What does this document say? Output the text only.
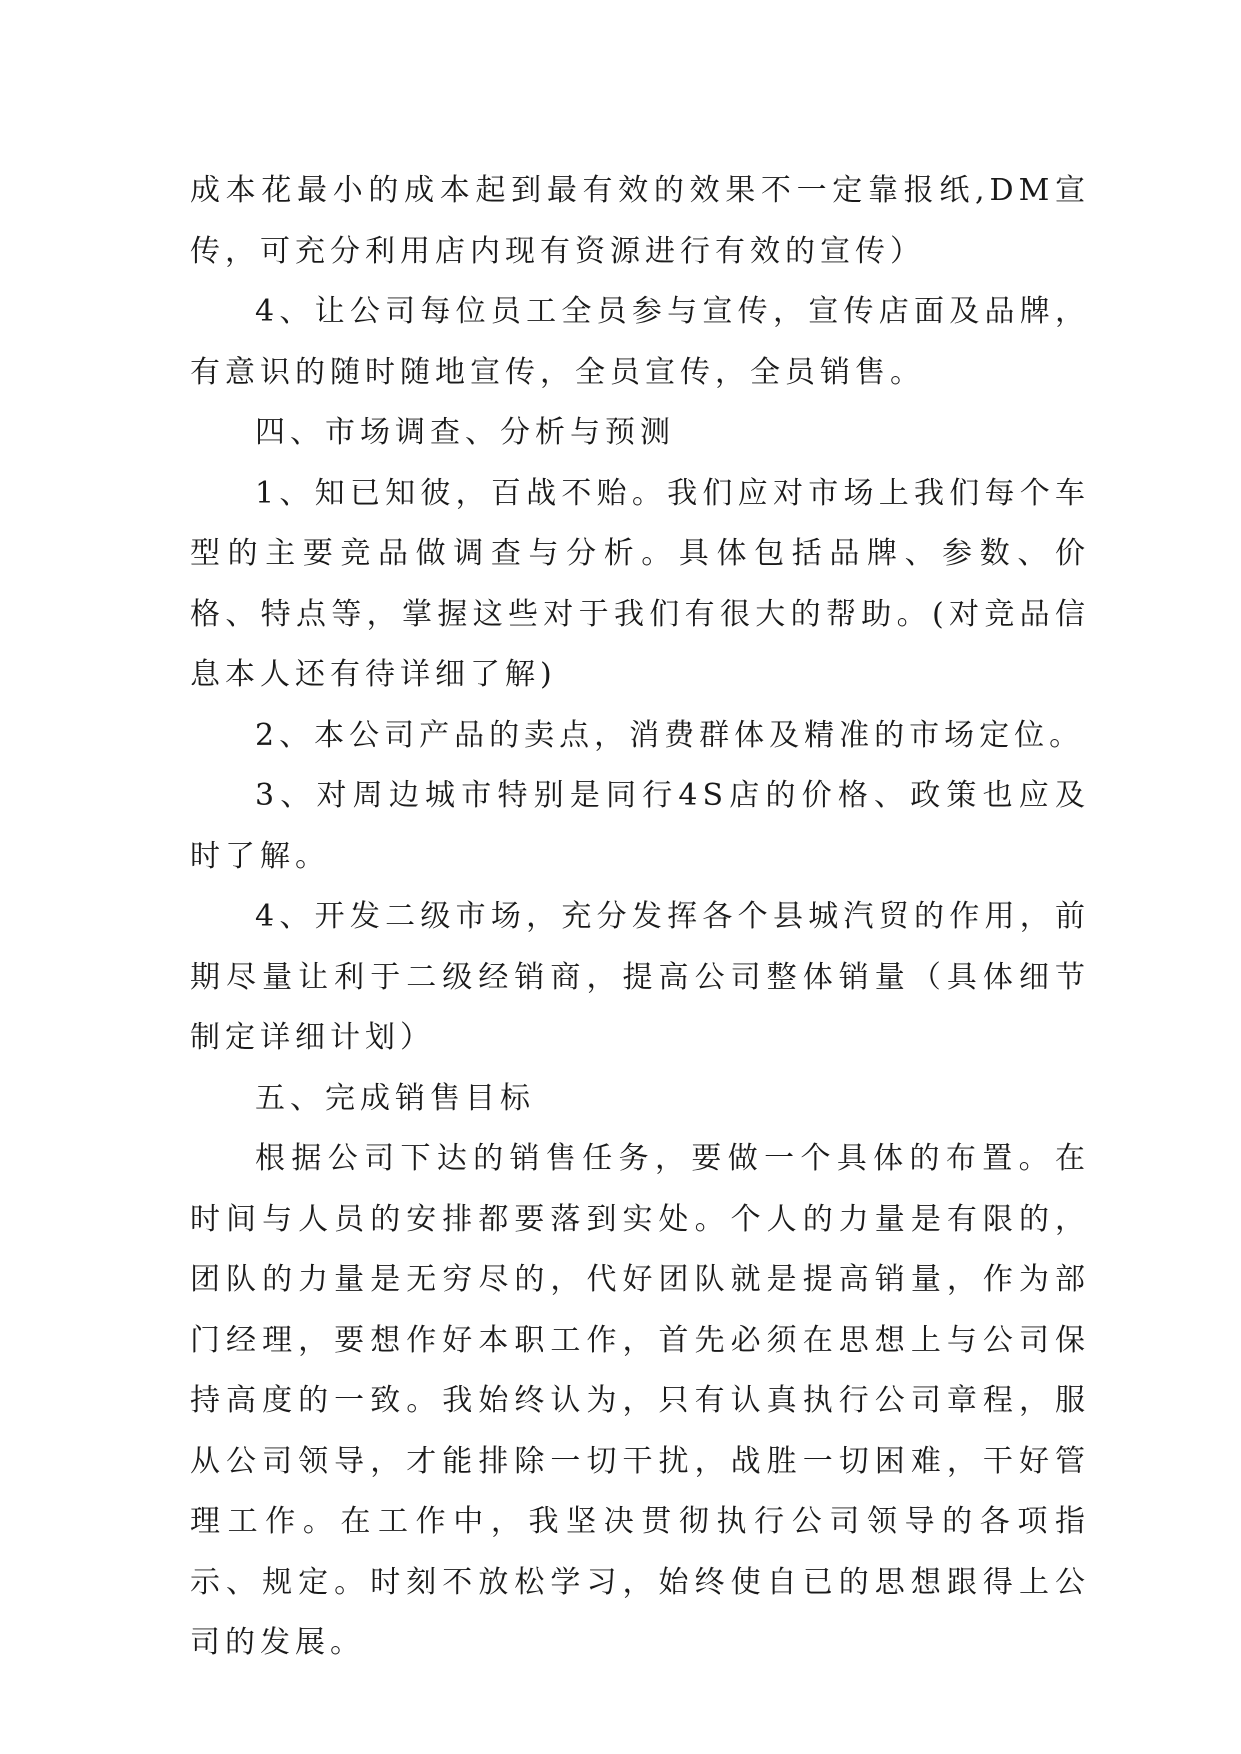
成本花最小的成本起到最有效的效果不一定靠报纸,DM宣传，可充分利用店内现有资源进行有效的宣传）

4、让公司每位员工全员参与宣传，宣传店面及品牌，有意识的随时随地宣传，全员宣传，全员销售。

四、市场调查、分析与预测

1、知已知彼，百战不贻。我们应对市场上我们每个车型的主要竞品做调查与分析。具体包括品牌、参数、价格、特点等，掌握这些对于我们有很大的帮助。(对竞品信息本人还有待详细了解)

2、本公司产品的卖点，消费群体及精准的市场定位。

3、对周边城市特别是同行4S店的价格、政策也应及时了解。

4、开发二级市场，充分发挥各个县城汽贸的作用，前期尽量让利于二级经销商，提高公司整体销量（具体细节制定详细计划）

五、完成销售目标

根据公司下达的销售任务，要做一个具体的布置。在时间与人员的安排都要落到实处。个人的力量是有限的，团队的力量是无穷尽的，代好团队就是提高销量，作为部门经理，要想作好本职工作，首先必须在思想上与公司保持高度的一致。我始终认为，只有认真执行公司章程，服从公司领导，才能排除一切干扰，战胜一切困难，干好管理工作。在工作中，我坚决贯彻执行公司领导的各项指示、规定。时刻不放松学习，始终使自已的思想跟得上公司的发展。
